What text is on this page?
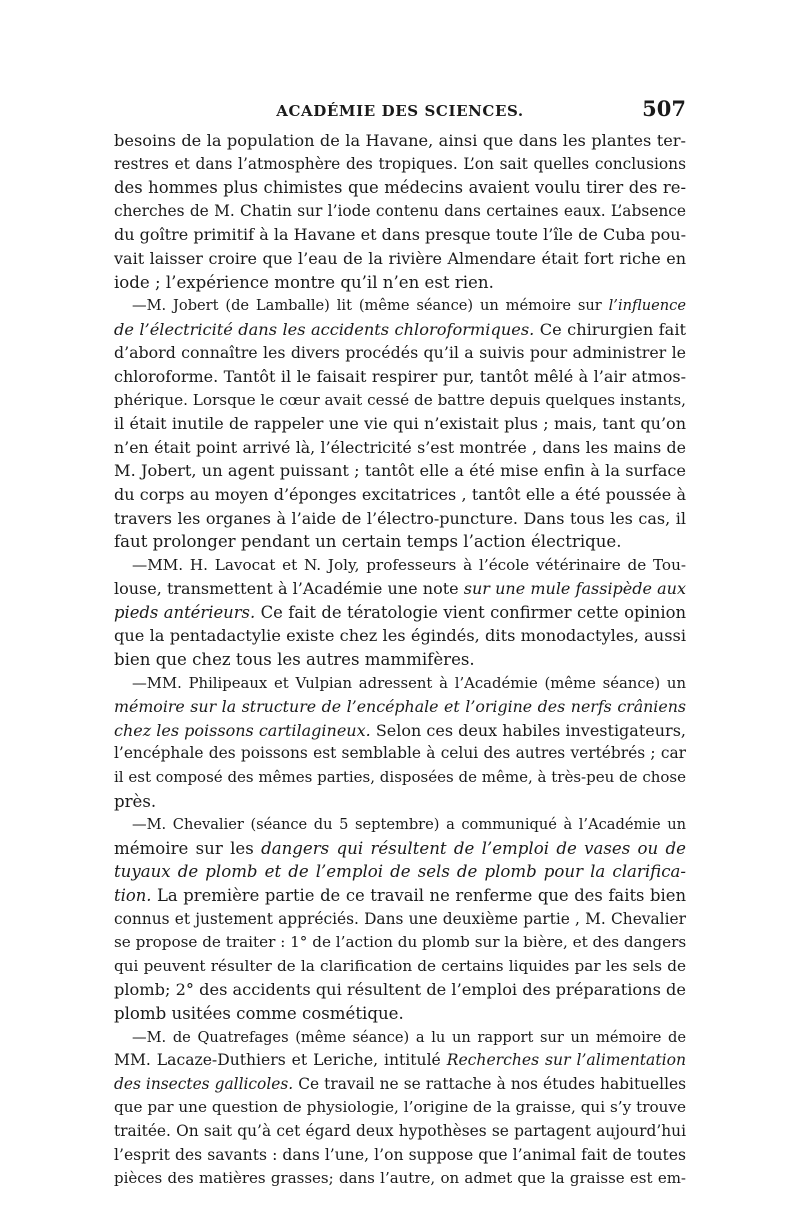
ACADÉMIE DES SCIENCES.	507
besoins de la population de la Havane, ainsi que dans les plantes ter-
restres et dans l’atmosphère des tropiques. L’on sait quelles conclusions
des hommes plus chimistes que médecins avaient voulu tirer des re-
cherches de M. Chatin sur l’iode contenu dans certaines eaux. L’absence
du goître primitif à la Havane et dans presque toute l’île de Cuba pou-
vait laisser croire que l’eau de la rivière Almendare était fort riche en
iode ; l’expérience montre qu’il n’en est rien.
—M. Jobert (de Lamballe) lit (même séance) un mémoire sur l’influence
de l’électricité dans les accidents chloroformiques. Ce chirurgien fait
d’abord connaître les divers procédés qu’il a suivis pour administrer le
chloroforme. Tantôt il le faisait respirer pur, tantôt mêlé à l’air atmos-
phérique. Lorsque le cœur avait cessé de battre depuis quelques instants,
il était inutile de rappeler une vie qui n’existait plus ; mais, tant qu’on
n’en était point arrivé là, l’électricité s’est montrée , dans les mains de
M. Jobert, un agent puissant ; tantôt elle a été mise enfin à la surface
du corps au moyen d’éponges excitatrices , tantôt elle a été poussée à
travers les organes à l’aide de l’électro-puncture. Dans tous les cas, il
faut prolonger pendant un certain temps l’action électrique.
—MM. H. Lavocat et N. Joly, professeurs à l’école vétérinaire de Tou-
louse, transmettent à l’Académie une note sur une mule fassipède aux
pieds antérieurs. Ce fait de tératologie vient confirmer cette opinion
que la pentadactylie existe chez les égindés, dits monodactyles, aussi
bien que chez tous les autres mammifères.
—MM. Philipeaux et Vulpian adressent à l’Académie (même séance) un
mémoire sur la structure de l’encéphale et l’origine des nerfs crâniens
chez les poissons cartilagineux. Selon ces deux habiles investigateurs,
l’encéphale des poissons est semblable à celui des autres vertébrés ; car
il est composé des mêmes parties, disposées de même, à très-peu de chose
près.
—M. Chevalier (séance du 5 septembre) a communiqué à l’Académie un
mémoire sur les dangers qui résultent de l’emploi de vases ou de
tuyaux de plomb et de l’emploi de sels de plomb pour la clarifica-
tion. La première partie de ce travail ne renferme que des faits bien
connus et justement appréciés. Dans une deuxième partie , M. Chevalier
se propose de traiter : 1° de l’action du plomb sur la bière, et des dangers
qui peuvent résulter de la clarification de certains liquides par les sels de
plomb; 2° des accidents qui résultent de l’emploi des préparations de
plomb usitées comme cosmétique.
—M. de Quatrefages (même séance) a lu un rapport sur un mémoire de
MM. Lacaze-Duthiers et Leriche, intitulé Recherches sur l’alimentation
des insectes gallicoles. Ce travail ne se rattache à nos études habituelles
que par une question de physiologie, l’origine de la graisse, qui s’y trouve
traitée. On sait qu’à cet égard deux hypothèses se partagent aujourd’hui
l’esprit des savants : dans l’une, l’on suppose que l’animal fait de toutes
pièces des matières grasses; dans l’autre, on admet que la graisse est em-
